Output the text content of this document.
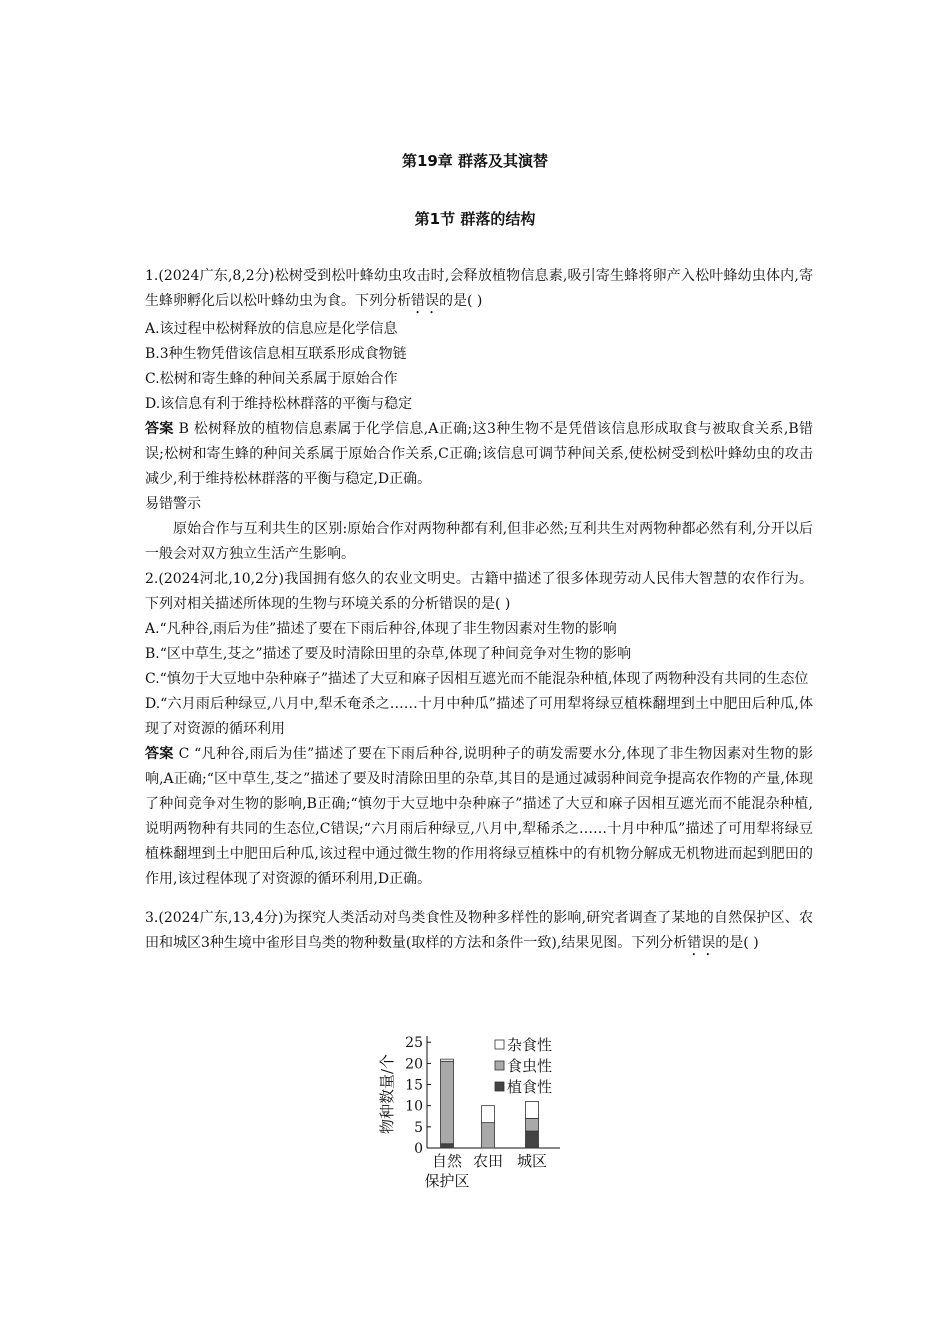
第19章 群落及其演替
第1节 群落的结构

1.(2024广东,8,2分)松树受到松叶蜂幼虫攻击时,会释放植物信息素,吸引寄生蜂将卵产入松叶蜂幼虫体内,寄生蜂卵孵化后以松叶蜂幼虫为食。下列分析错误的是( )

A.该过程中松树释放的信息应是化学信息

B.3种生物凭借该信息相互联系形成食物链

C.松树和寄生蜂的种间关系属于原始合作

D.该信息有利于维持松林群落的平衡与稳定

答案 B 松树释放的植物信息素属于化学信息,A正确;这3种生物不是凭借该信息形成取食与被取食关系,B错误;松树和寄生蜂的种间关系属于原始合作关系,C正确;该信息可调节种间关系,使松树受到松叶蜂幼虫的攻击减少,利于维持松林群落的平衡与稳定,D正确。

易错警示

原始合作与互利共生的区别:原始合作对两物种都有利,但非必然;互利共生对两物种都必然有利,分开以后一般会对双方独立生活产生影响。

2.(2024河北,10,2分)我国拥有悠久的农业文明史。古籍中描述了很多体现劳动人民伟大智慧的农作行为。下列对相关描述所体现的生物与环境关系的分析错误的是( )

A.“凡种谷,雨后为佳”描述了要在下雨后种谷,体现了非生物因素对生物的影响

B.“区中草生,芟之”描述了要及时清除田里的杂草,体现了种间竞争对生物的影响

C.“慎勿于大豆地中杂种麻子”描述了大豆和麻子因相互遮光而不能混杂种植,体现了两物种没有共同的生态位

D.“六月雨后种绿豆,八月中,犁禾奄杀之……十月中种瓜”描述了可用犁将绿豆植株翻埋到土中肥田后种瓜,体现了对资源的循环利用

答案 C “凡种谷,雨后为佳”描述了要在下雨后种谷,说明种子的萌发需要水分,体现了非生物因素对生物的影响,A正确;“区中草生,芟之”描述了要及时清除田里的杂草,其目的是通过减弱种间竞争提高农作物的产量,体现了种间竞争对生物的影响,B正确;“慎勿于大豆地中杂种麻子”描述了大豆和麻子因相互遮光而不能混杂种植,说明两物种有共同的生态位,C错误;“六月雨后种绿豆,八月中,犁稀杀之……十月中种瓜”描述了可用犁将绿豆植株翻埋到土中肥田后种瓜,该过程中通过微生物的作用将绿豆植株中的有机物分解成无机物进而起到肥田的作用,该过程体现了对资源的循环利用,D正确。

3.(2024广东,13,4分)为探究人类活动对鸟类食性及物种多样性的影响,研究者调查了某地的自然保护区、农田和城区3种生境中雀形目鸟类的物种数量(取样的方法和条件一致),结果见图。下列分析错误的是( )

物种数量/个
0
5
10
15
20
25
自然
保护区
农田 城区
杂食性
食虫性
植食性
